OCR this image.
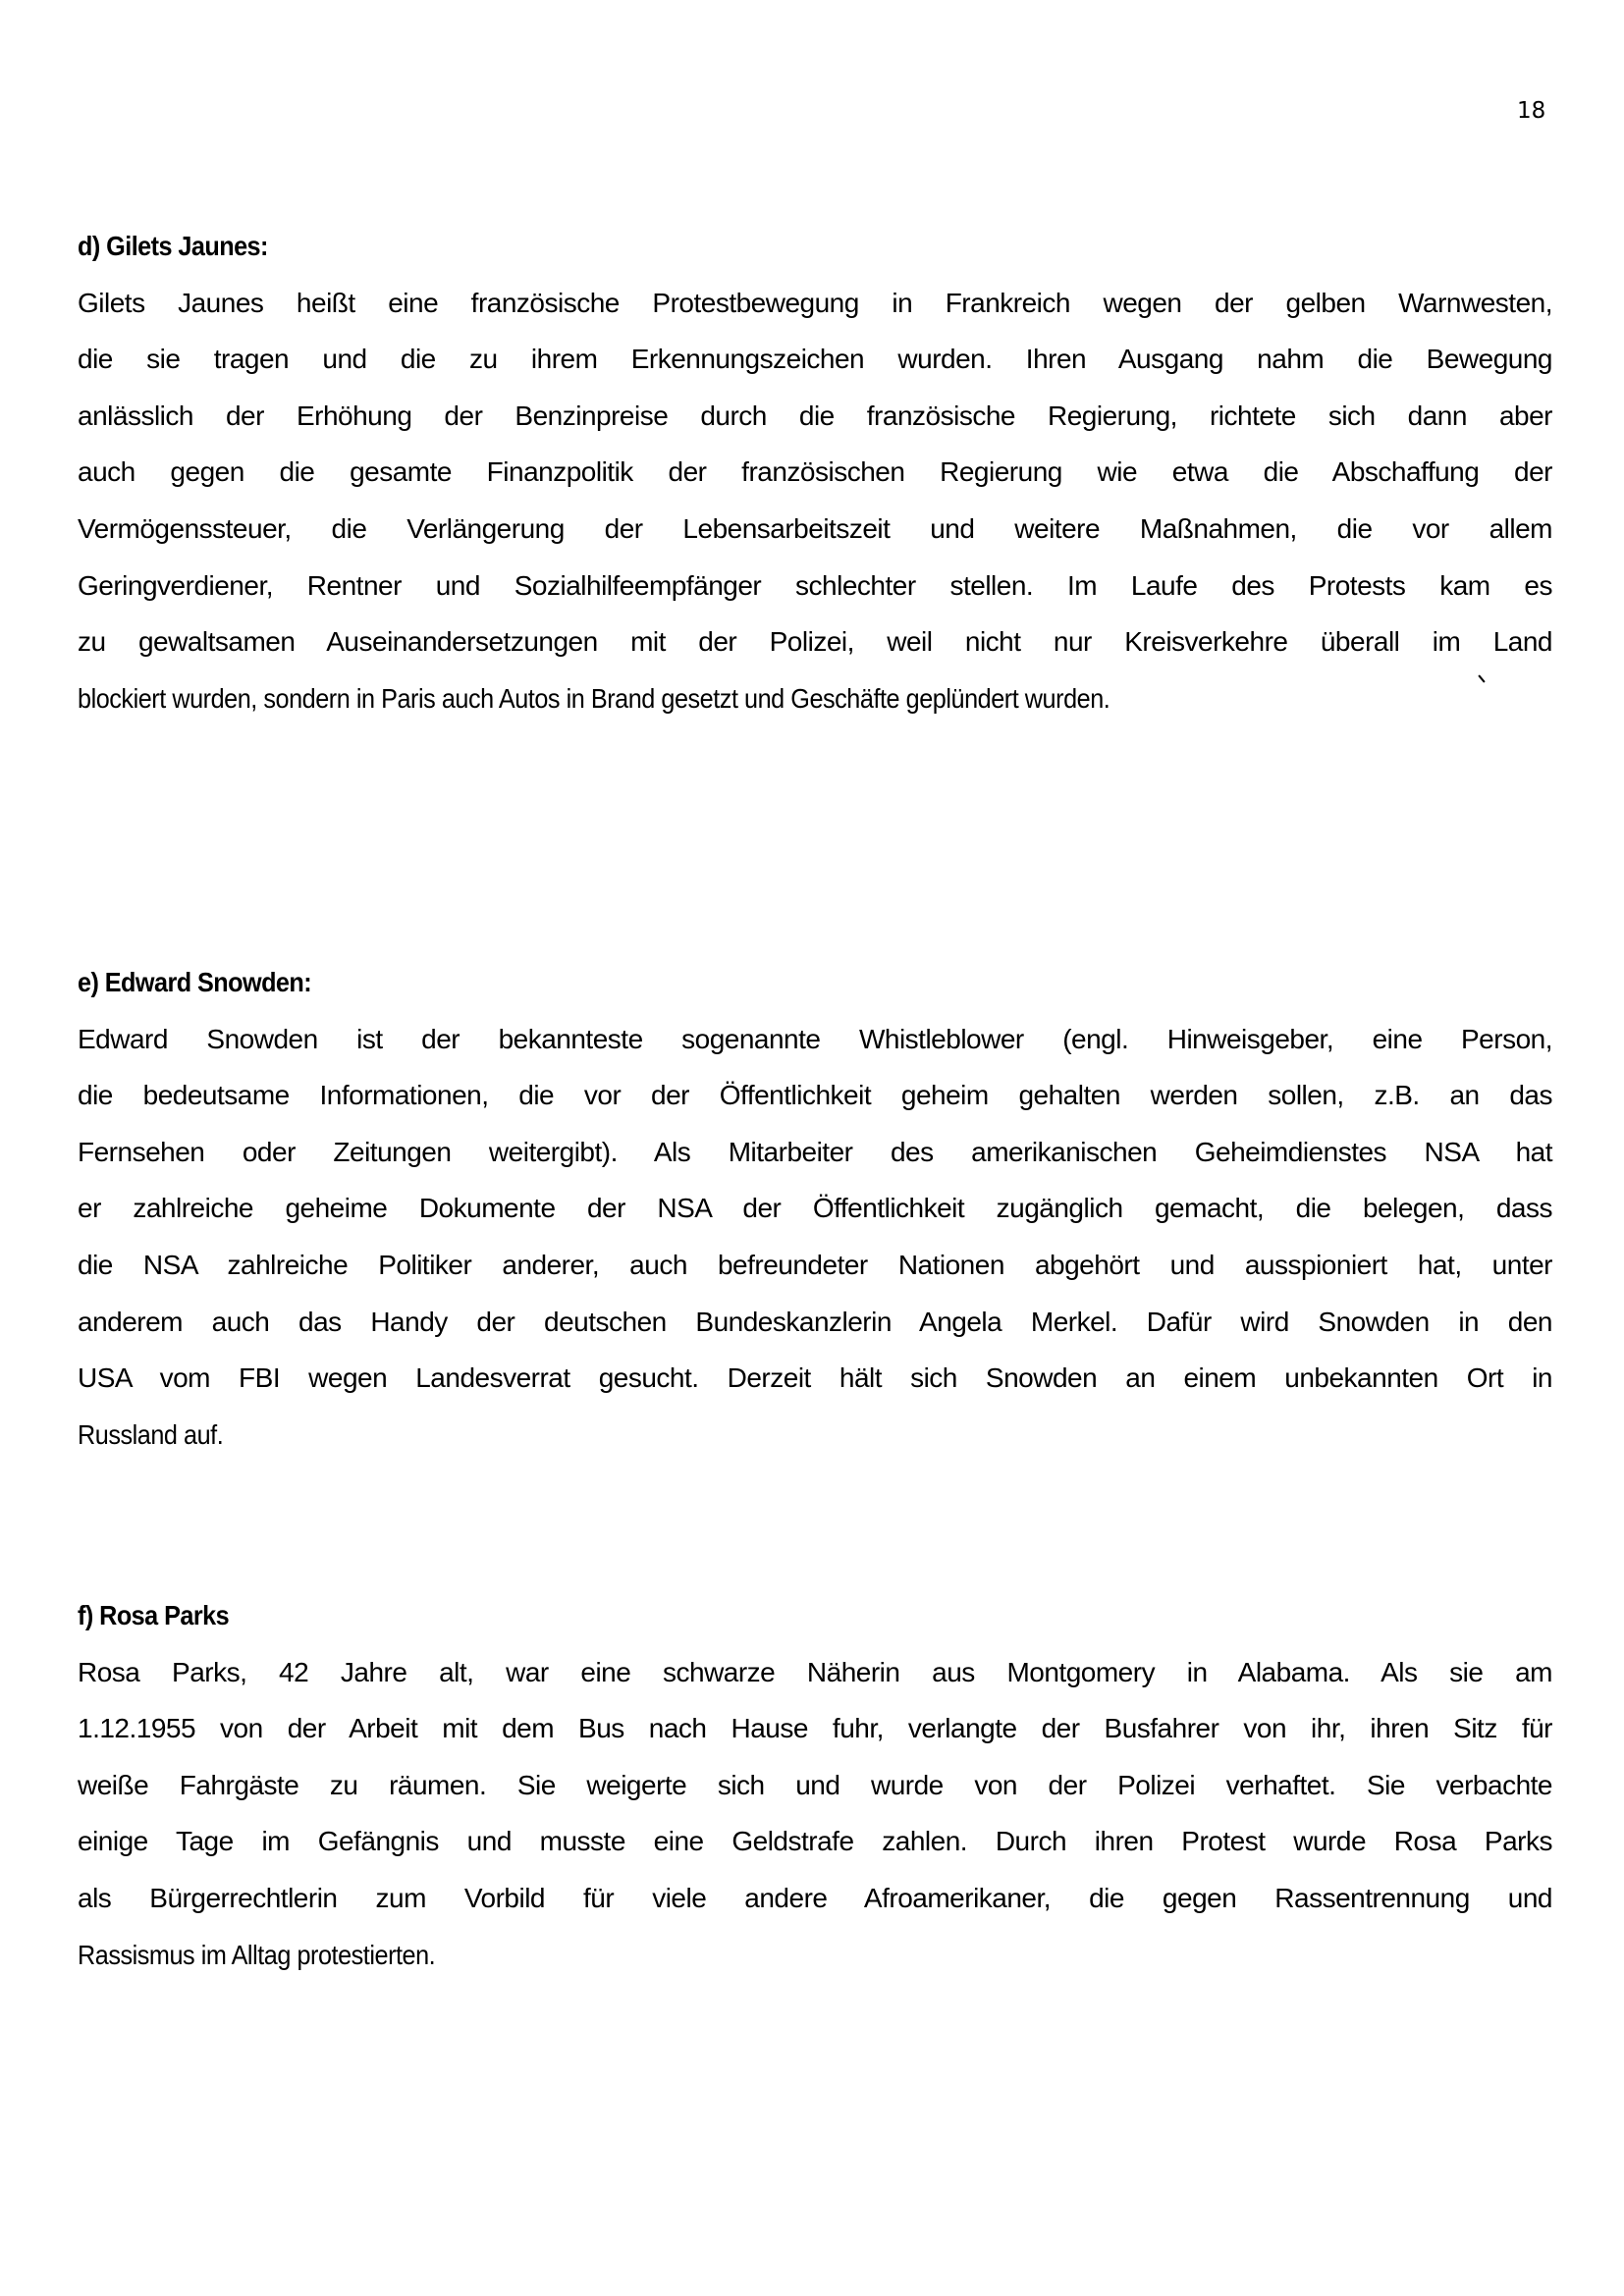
18
d) Gilets Jaunes:
Gilets Jaunes heißt eine französische Protestbewegung in Frankreich wegen der gelben Warnwesten,
die sie tragen und die zu ihrem Erkennungszeichen wurden. Ihren Ausgang nahm die Bewegung
anlässlich der Erhöhung der Benzinpreise durch die französische Regierung, richtete sich dann aber
auch gegen die gesamte Finanzpolitik der französischen Regierung wie etwa die Abschaffung der
Vermögenssteuer, die Verlängerung der Lebensarbeitszeit und weitere Maßnahmen, die vor allem
Geringverdiener, Rentner und Sozialhilfeempfänger schlechter stellen. Im Laufe des Protests kam es
zu gewaltsamen Auseinandersetzungen mit der Polizei, weil nicht nur Kreisverkehre überall im Land
blockiert wurden, sondern in Paris auch Autos in Brand gesetzt und Geschäfte geplündert wurden.
e) Edward Snowden:
Edward Snowden ist der bekannteste sogenannte Whistleblower (engl. Hinweisgeber, eine Person,
die bedeutsame Informationen, die vor der Öffentlichkeit geheim gehalten werden sollen, z.B. an das
Fernsehen oder Zeitungen weitergibt). Als Mitarbeiter des amerikanischen Geheimdienstes NSA hat
er zahlreiche geheime Dokumente der NSA der Öffentlichkeit zugänglich gemacht, die belegen, dass
die NSA zahlreiche Politiker anderer, auch befreundeter Nationen abgehört und ausspioniert hat, unter
anderem auch das Handy der deutschen Bundeskanzlerin Angela Merkel. Dafür wird Snowden in den
USA vom FBI wegen Landesverrat gesucht. Derzeit hält sich Snowden an einem unbekannten Ort in
Russland auf.
f) Rosa Parks
Rosa Parks, 42 Jahre alt, war eine schwarze Näherin aus Montgomery in Alabama. Als sie am
1.12.1955 von der Arbeit mit dem Bus nach Hause fuhr, verlangte der Busfahrer von ihr, ihren Sitz für
weiße Fahrgäste zu räumen. Sie weigerte sich und wurde von der Polizei verhaftet. Sie verbachte
einige Tage im Gefängnis und musste eine Geldstrafe zahlen. Durch ihren Protest wurde Rosa Parks
als Bürgerrechtlerin zum Vorbild für viele andere Afroamerikaner, die gegen Rassentrennung und
Rassismus im Alltag protestierten.
